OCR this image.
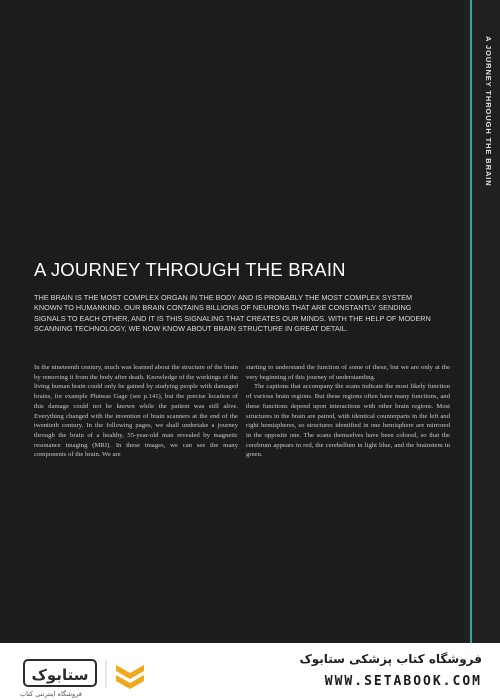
A JOURNEY THROUGH THE BRAIN
A JOURNEY THROUGH THE BRAIN

THE BRAIN IS THE MOST COMPLEX ORGAN IN THE BODY AND IS PROBABLY THE MOST COMPLEX SYSTEM KNOWN TO HUMANKIND. OUR BRAIN CONTAINS BILLIONS OF NEURONS THAT ARE CONSTANTLY SENDING SIGNALS TO EACH OTHER, AND IT IS THIS SIGNALING THAT CREATES OUR MINDS. WITH THE HELP OF MODERN SCANNING TECHNOLOGY, WE NOW KNOW ABOUT BRAIN STRUCTURE IN GREAT DETAIL.

In the nineteenth century, much was learned about the structure of the brain by removing it from the body after death. Knowledge of the workings of the living human brain could only be gained by studying people with damaged brains, for example Phineas Gage (see p.141), but the precise location of this damage could not be known while the patient was still alive. Everything changed with the invention of brain scanners at the end of the twentieth century. In the following pages, we shall undertake a journey through the brain of a healthy, 55-year-old man revealed by magnetic resonance imaging (MRI). In these images, we can see the many components of the brain. We are

starting to understand the function of some of these, but we are only at the very beginning of this journey of understanding.

The captions that accompany the scans indicate the most likely function of various brain regions. But these regions often have many functions, and these functions depend upon interactions with other brain regions. Most structures in the brain are paired, with identical counterparts in the left and right hemispheres, so structures identified in one hemisphere are mirrored in the opposite one. The scans themselves have been colored, so that the cerebrum appears in red, the cerebellum in light blue, and the brainstem in green.

ستابوک
فروشگاه اینترنتی کتاب
فروشگاه کتاب پزشکی ستابوک
WWW.SETABOOK.COM
